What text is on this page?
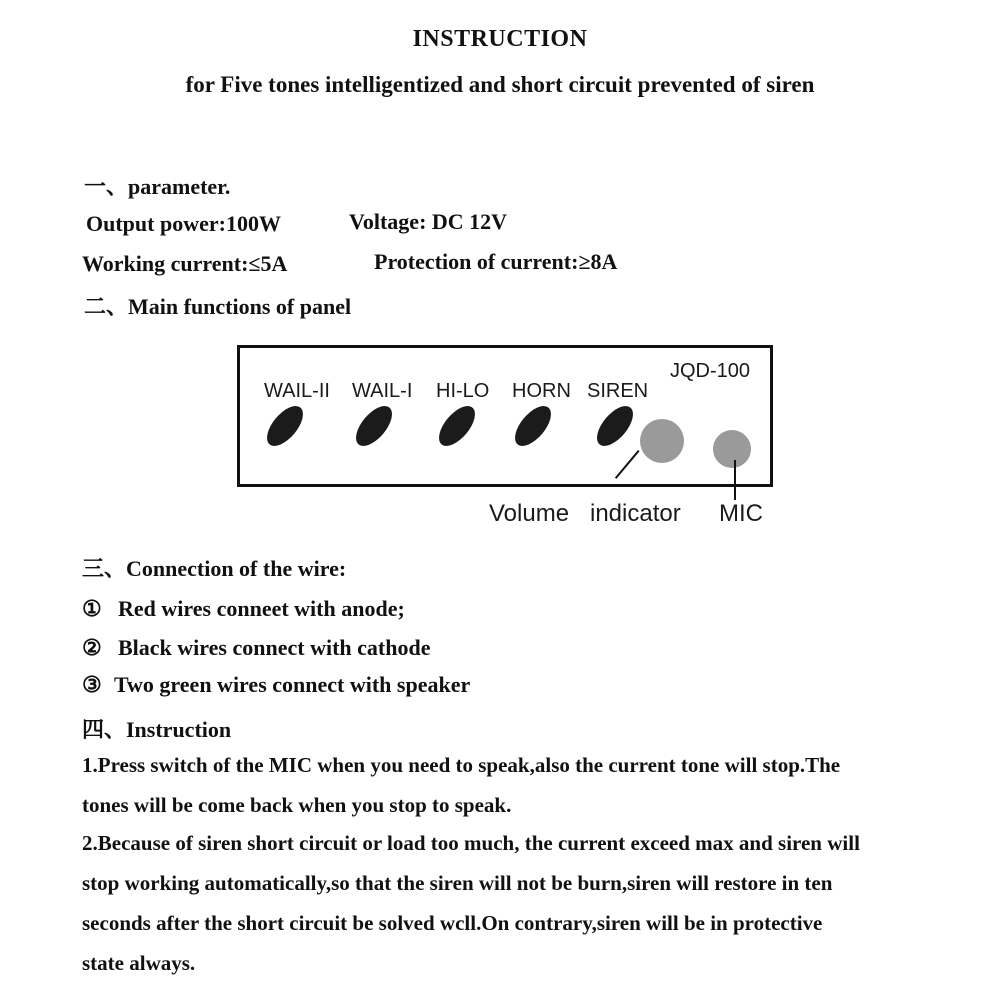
INSTRUCTION
for Five tones intelligentized and short circuit prevented of siren
一、parameter.
Output power:100W	Voltage: DC 12V
Working current:≤5A	Protection of current:≥8A
二、Main functions of panel
JQD-100
WAIL-II WAIL-I HI-LO HORN SIREN
Volume indicator MIC
三、Connection of the wire:
① Red wires conneet with anode;
② Black wires connect with cathode
③ Two green wires connect with speaker
四、Instruction
1.Press switch of the MIC when you need to speak,also the current tone will stop.The
tones will be come back when you stop to speak.
2.Because of siren short circuit or load too much, the current exceed max and siren will
stop working automatically,so that the siren will not be burn,siren will restore in ten
seconds after the short circuit be solved wcll.On contrary,siren will be in protective
state always.
